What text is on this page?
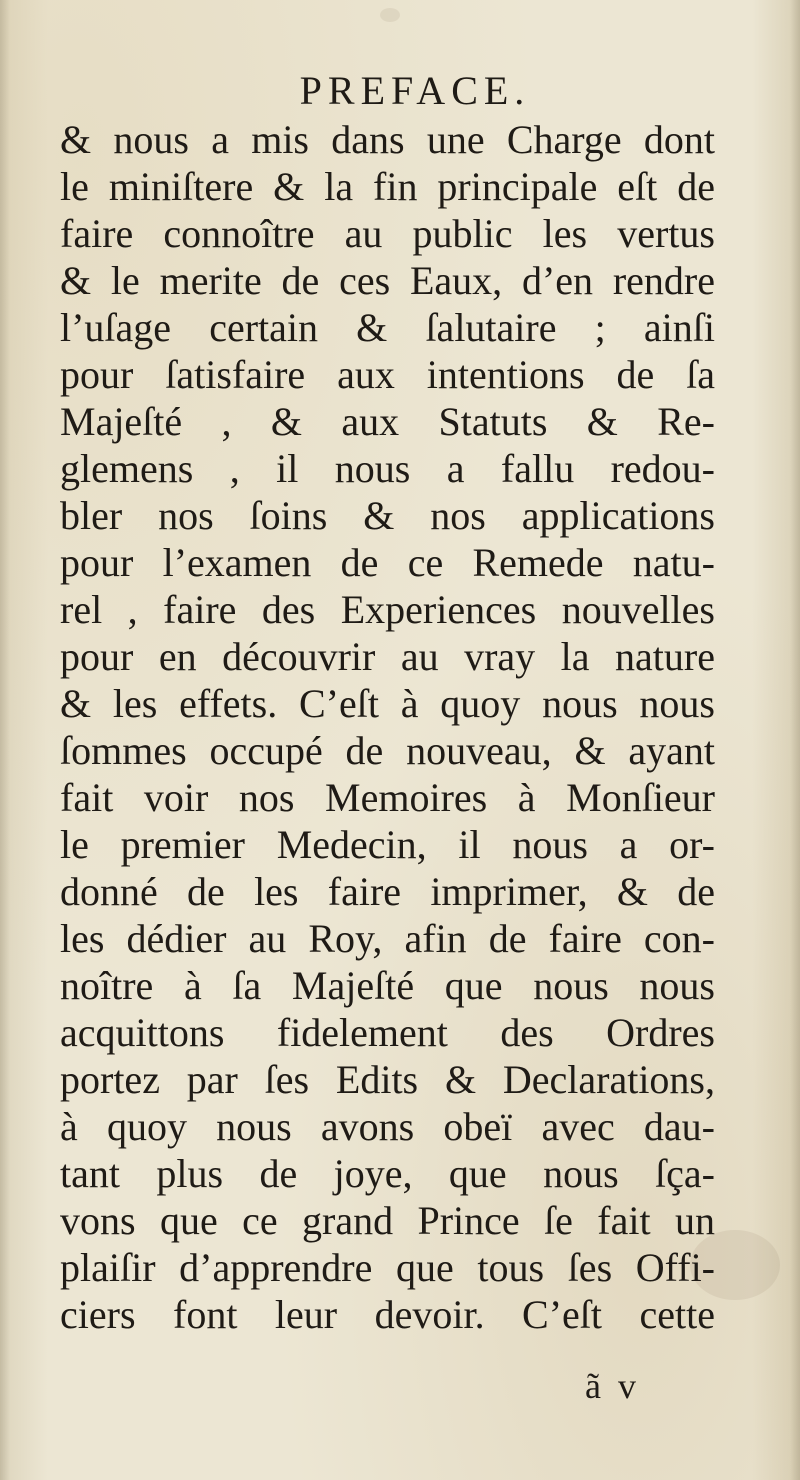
PREFACE.
& nous a mis dans une Charge dont
le miniſtere & la fin principale eſt de
faire connoître au public les vertus
& le merite de ces Eaux, d’en rendre
l’uſage certain & ſalutaire ; ainſi
pour ſatisfaire aux intentions de ſa
Majeſté , & aux Statuts & Re-
glemens , il nous a fallu redou-
bler nos ſoins & nos applications
pour l’examen de ce Remede natu-
rel , faire des Experiences nouvelles
pour en découvrir au vray la nature
& les effets. C’eſt à quoy nous nous
ſommes occupé de nouveau, & ayant
fait voir nos Memoires à Monſieur
le premier Medecin, il nous a or-
donné de les faire imprimer, & de
les dédier au Roy, afin de faire con-
noître à ſa Majeſté que nous nous
acquittons fidelement des Ordres
portez par ſes Edits & Declarations,
à quoy nous avons obeï avec dau-
tant plus de joye, que nous ſça-
vons que ce grand Prince ſe fait un
plaiſir d’apprendre que tous ſes Offi-
ciers font leur devoir. C’eſt cette
ã v
